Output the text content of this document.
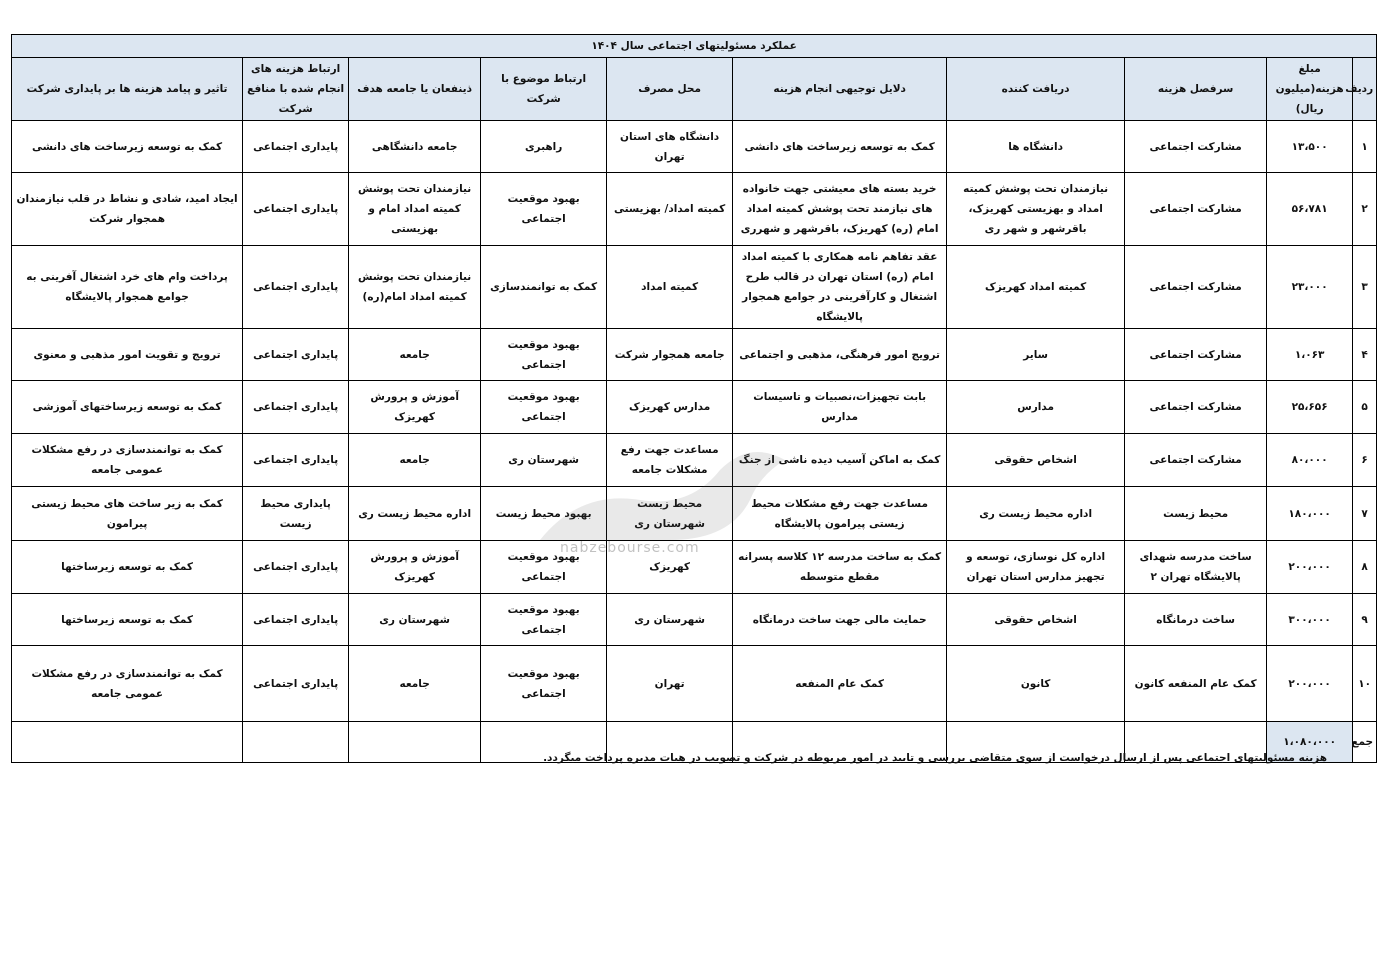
عملکرد مسئولیتهای اجتماعی سال ۱۴۰۴									
ردیف	مبلغ هزینه(میلیون ریال)	سرفصل هزینه	دریافت کننده	دلایل توجیهی انجام هزینه	محل مصرف	ارتباط موضوع با شرکت	ذینفعان یا جامعه هدف	ارتباط هزینه های انجام شده با منافع شرکت	تاثیر و پیامد هزینه ها بر پایداری شرکت
۱	۱۳،۵۰۰	مشارکت اجتماعی	دانشگاه ها	کمک به توسعه زیرساخت های دانشی	دانشگاه های استان تهران	راهبری	جامعه دانشگاهی	پایداری اجتماعی	کمک به توسعه زیرساخت های دانشی
۲	۵۶،۷۸۱	مشارکت اجتماعی	نیازمندان تحت پوشش کمیته امداد و بهزیستی کهریزک، باقرشهر و شهر ری	خرید بسته های معیشتی جهت خانواده های نیازمند تحت پوشش کمیته امداد امام (ره) کهریزک، باقرشهر و شهرری	کمیته امداد/ بهزیستی	بهبود موقعیت اجتماعی	نیازمندان تحت پوشش کمیته امداد امام و بهزیستی	پایداری اجتماعی	ایجاد امید، شادی و نشاط در قلب نیازمندان همجوار شرکت
۳	۲۳،۰۰۰	مشارکت اجتماعی	کمیته امداد کهریزک	عقد تفاهم نامه همکاری با کمیته امداد امام (ره) استان تهران در قالب طرح اشتغال و کارآفرینی در جوامع همجوار پالایشگاه	کمیته امداد	کمک به توانمندسازی	نیازمندان تحت پوشش کمیته امداد امام(ره)	پایداری اجتماعی	پرداخت وام های خرد اشتغال آفرینی به جوامع همجوار پالایشگاه
۴	۱،۰۶۳	مشارکت اجتماعی	سایر	ترویج امور فرهنگی، مذهبی و اجتماعی	جامعه همجوار شرکت	بهبود موقعیت اجتماعی	جامعه	پایداری اجتماعی	ترویج و تقویت امور مذهبی و معنوی
۵	۲۵،۶۵۶	مشارکت اجتماعی	مدارس	بابت تجهیزات،نصبیات و تاسیسات مدارس	مدارس کهریزک	بهبود موقعیت اجتماعی	آموزش و پرورش کهریزک	پایداری اجتماعی	کمک به توسعه زیرساختهای آموزشی
۶	۸۰،۰۰۰	مشارکت اجتماعی	اشخاص حقوقی	کمک به اماکن آسیب دیده ناشی از جنگ	مساعدت جهت رفع مشکلات جامعه	شهرستان ری	جامعه	پایداری اجتماعی	کمک به توانمندسازی در رفع مشکلات عمومی جامعه
۷	۱۸۰،۰۰۰	محیط زیست	اداره محیط زیست ری	مساعدت جهت رفع مشکلات محیط زیستی پیرامون پالایشگاه	محیط زیست شهرستان ری	بهبود محیط زیست	اداره محیط زیست ری	پایداری محیط زیست	کمک به زیر ساخت های محیط زیستی پیرامون
۸	۲۰۰،۰۰۰	ساخت مدرسه شهدای پالایشگاه تهران ۲	اداره کل نوسازی، توسعه و تجهیز مدارس استان تهران	کمک به ساخت مدرسه ۱۲ کلاسه پسرانه مقطع متوسطه	کهریزک	بهبود موقعیت اجتماعی	آموزش و پرورش کهریزک	پایداری اجتماعی	کمک به توسعه زیرساختها
۹	۳۰۰،۰۰۰	ساخت درمانگاه	اشخاص حقوقی	حمایت مالی جهت ساخت درمانگاه	شهرستان ری	بهبود موقعیت اجتماعی	شهرستان ری	پایداری اجتماعی	کمک به توسعه زیرساختها
۱۰	۲۰۰،۰۰۰	کمک عام المنفعه کانون	کانون	کمک عام المنفعه	تهران	بهبود موقعیت اجتماعی	جامعه	پایداری اجتماعی	کمک به توانمندسازی در رفع مشکلات عمومی جامعه
جمع	۱،۰۸۰،۰۰۰								
هزینه مسئولیتهای اجتماعی پس از ارسال درخواست از سوی متقاضی بررسی و تایید در امور مربوطه در شرکت و تصویب در هیات مدیره پرداخت میگردد.
nabzebourse.com
